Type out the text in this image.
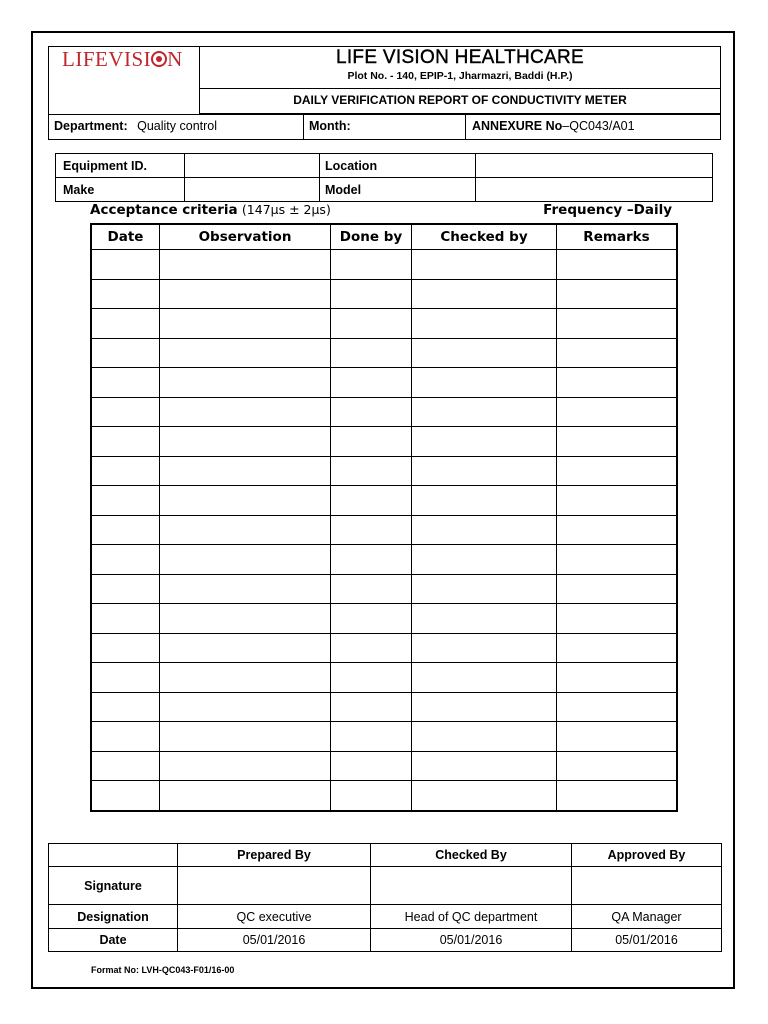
LIFEVISI N	LIFE VISION HEALTHCARE
Plot No. - 140, EPIP-1, Jharmazri, Baddi (H.P.)
DAILY VERIFICATION REPORT OF CONDUCTIVITY METER
Department: Quality control	Month:	ANNEXURE No–QC043/A01
Equipment ID.		Location	
Make		Model	
Acceptance criteria (147μs ± 2μs)	Frequency –Daily
Date	Observation	Done by	Checked by	Remarks

	Prepared By	Checked By	Approved By
Signature			
Designation	QC executive	Head of QC department	QA Manager
Date	05/01/2016	05/01/2016	05/01/2016
Format No: LVH-QC043-F01/16-00
